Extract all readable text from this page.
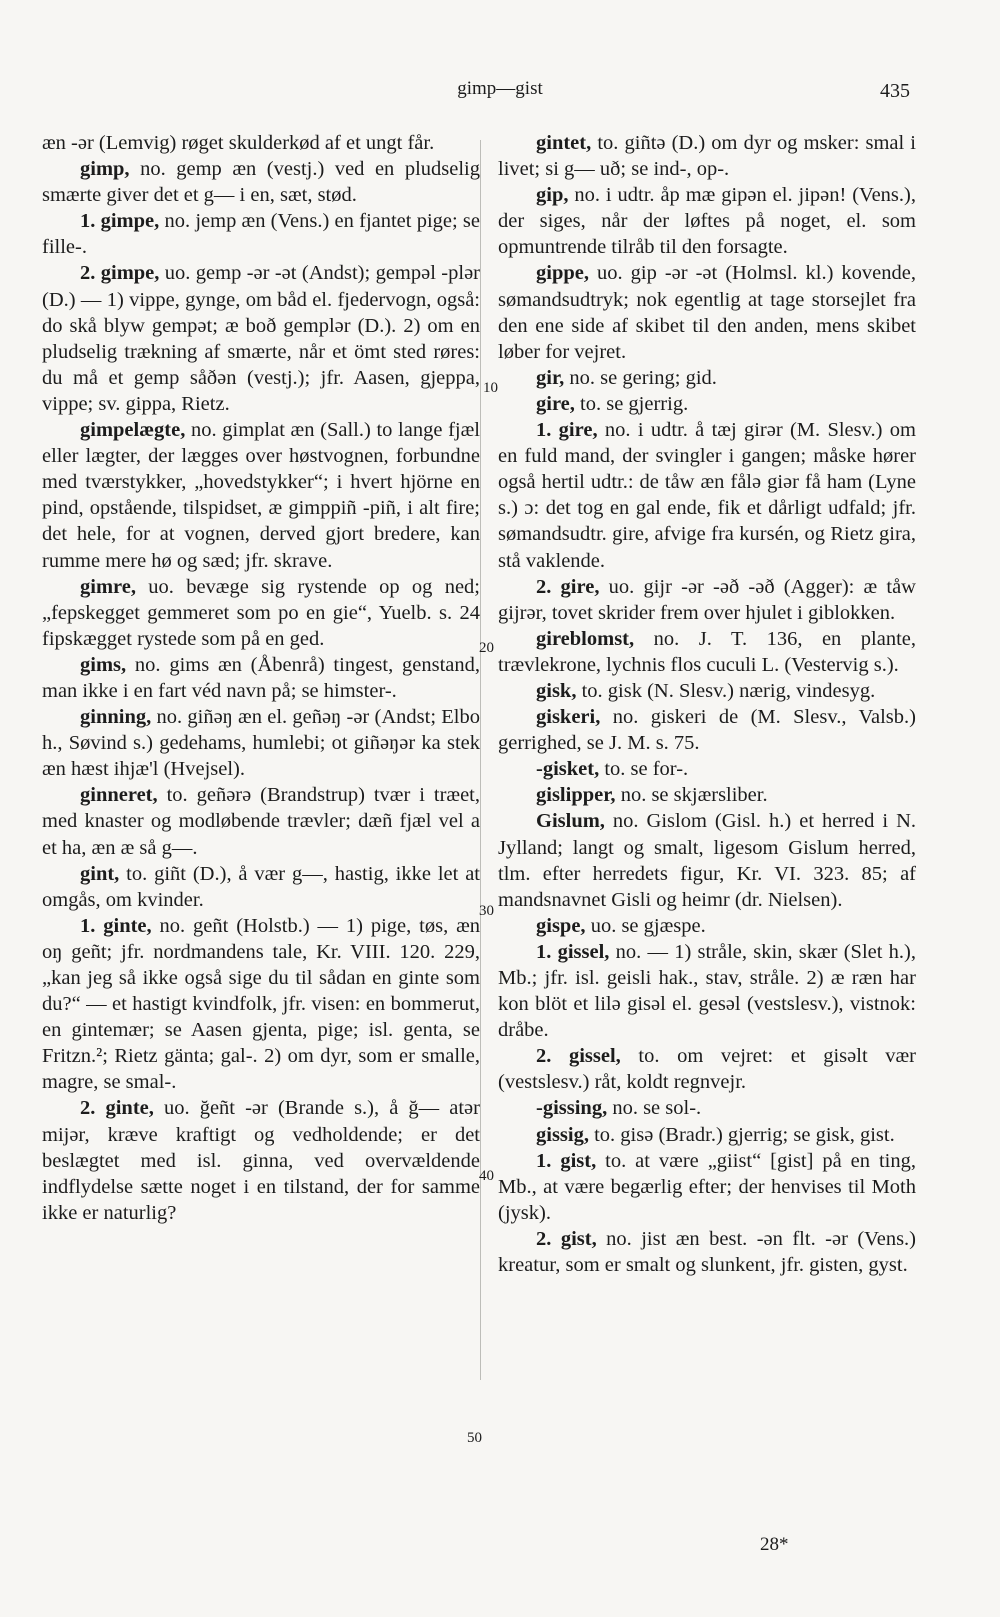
gimp—gist	435

æn -ər (Lemvig) røget skulderkød af et ungt får.

gimp, no. gemp æn (vestj.) ved en pludselig smærte giver det et g— i en, sæt, stød.

1. gimpe, no. jemp æn (Vens.) en fjantet pige; se fille-.

2. gimpe, uo. gemp -ər -ət (Andst); gempəl -plər (D.) — 1) vippe, gynge, om båd el. fjedervogn, også: do skå blyw gempət; æ boð gemplər (D.). 2) om en pludselig trækning af smærte, når et ömt sted røres: du må et gemp såðən (vestj.); jfr. Aasen, gjeppa, vippe; sv. gippa, Rietz.

gimpelægte, no. gimplat æn (Sall.) to lange fjæl eller lægter, der lægges over høstvognen, forbundne med tværstykker, „hovedstykker“; i hvert hjörne en pind, opstående, tilspidset, æ gimppiñ -piñ, i alt fire; det hele, for at vognen, derved gjort bredere, kan rumme mere hø og sæd; jfr. skrave.

gimre, uo. bevæge sig rystende op og ned; „fepskegget gemmeret som po en gie“, Yuelb. s. 24 fipskægget rystede som på en ged.

gims, no. gims æn (Åbenrå) tingest, genstand, man ikke i en fart véd navn på; se himster-.

ginning, no. giñəŋ æn el. geñəŋ -ər (Andst; Elbo h., Søvind s.) gedehams, humlebi; ot giñəŋər ka stek æn hæst ihjæ'l (Hvejsel).

ginneret, to. geñərə (Brandstrup) tvær i træet, med knaster og modløbende trævler; dæñ fjæl vel a et ha, æn æ så g—.

gint, to. giñt (D.), å vær g—, hastig, ikke let at omgås, om kvinder.

1. ginte, no. geñt (Holstb.) — 1) pige, tøs, æn oŋ geñt; jfr. nordmandens tale, Kr. VIII. 120. 229, „kan jeg så ikke også sige du til sådan en ginte som du?“ — et hastigt kvindfolk, jfr. visen: en bommerut, en gintemær; se Aasen gjenta, pige; isl. genta, se Fritzn.²; Rietz gänta; gal-. 2) om dyr, som er smalle, magre, se smal-.

2. ginte, uo. ğeñt -ər (Brande s.), å ğ— atər mijər, kræve kraftigt og vedholdende; er det beslægtet med isl. ginna, ved overvældende indflydelse sætte noget i en tilstand, der for samme ikke er naturlig?

gintet, to. giñtə (D.) om dyr og msker: smal i livet; si g— uð; se ind-, op-.

gip, no. i udtr. åp mæ gipən el. jipən! (Vens.), der siges, når der løftes på noget, el. som opmuntrende tilråb til den forsagte.

gippe, uo. gip -ər -ət (Holmsl. kl.) kovende, sømandsudtryk; nok egentlig at tage storsejlet fra den ene side af skibet til den anden, mens skibet løber for vejret.

gir, no. se gering; gid.

gire, to. se gjerrig.

1. gire, no. i udtr. å tæj girər (M. Slesv.) om en fuld mand, der svingler i gangen; måske hører også hertil udtr.: de tåw æn fålə giər få ham (Lyne s.) ɔ: det tog en gal ende, fik et dårligt udfald; jfr. sømandsudtr. gire, afvige fra kursén, og Rietz gira, stå vaklende.

2. gire, uo. gijr -ər -əð -əð (Agger): æ tåw gijrər, tovet skrider frem over hjulet i giblokken.

gireblomst, no. J. T. 136, en plante, trævlekrone, lychnis flos cuculi L. (Vestervig s.).

gisk, to. gisk (N. Slesv.) nærig, vindesyg.

giskeri, no. giskeri de (M. Slesv., Valsb.) gerrighed, se J. M. s. 75.

-gisket, to. se for-.

gislipper, no. se skjærsliber.

Gislum, no. Gislom (Gisl. h.) et herred i N. Jylland; langt og smalt, ligesom Gislum herred, tlm. efter herredets figur, Kr. VI. 323. 85; af mandsnavnet Gisli og heimr (dr. Nielsen).

gispe, uo. se gjæspe.

1. gissel, no. — 1) stråle, skin, skær (Slet h.), Mb.; jfr. isl. geisli hak., stav, stråle. 2) æ ræn har kon blöt et lilə gisəl el. gesəl (vestslesv.), vistnok: dråbe.

2. gissel, to. om vejret: et gisəlt vær (vestslesv.) råt, koldt regnvejr.

-gissing, no. se sol-.

gissig, to. gisə (Bradr.) gjerrig; se gisk, gist.

1. gist, to. at være „giist“ [gist] på en ting, Mb., at være begærlig efter; der henvises til Moth (jysk).

2. gist, no. jist æn best. -ən flt. -ər (Vens.) kreatur, som er smalt og slunkent, jfr. gisten, gyst.

10
20
30
40
50
28*
